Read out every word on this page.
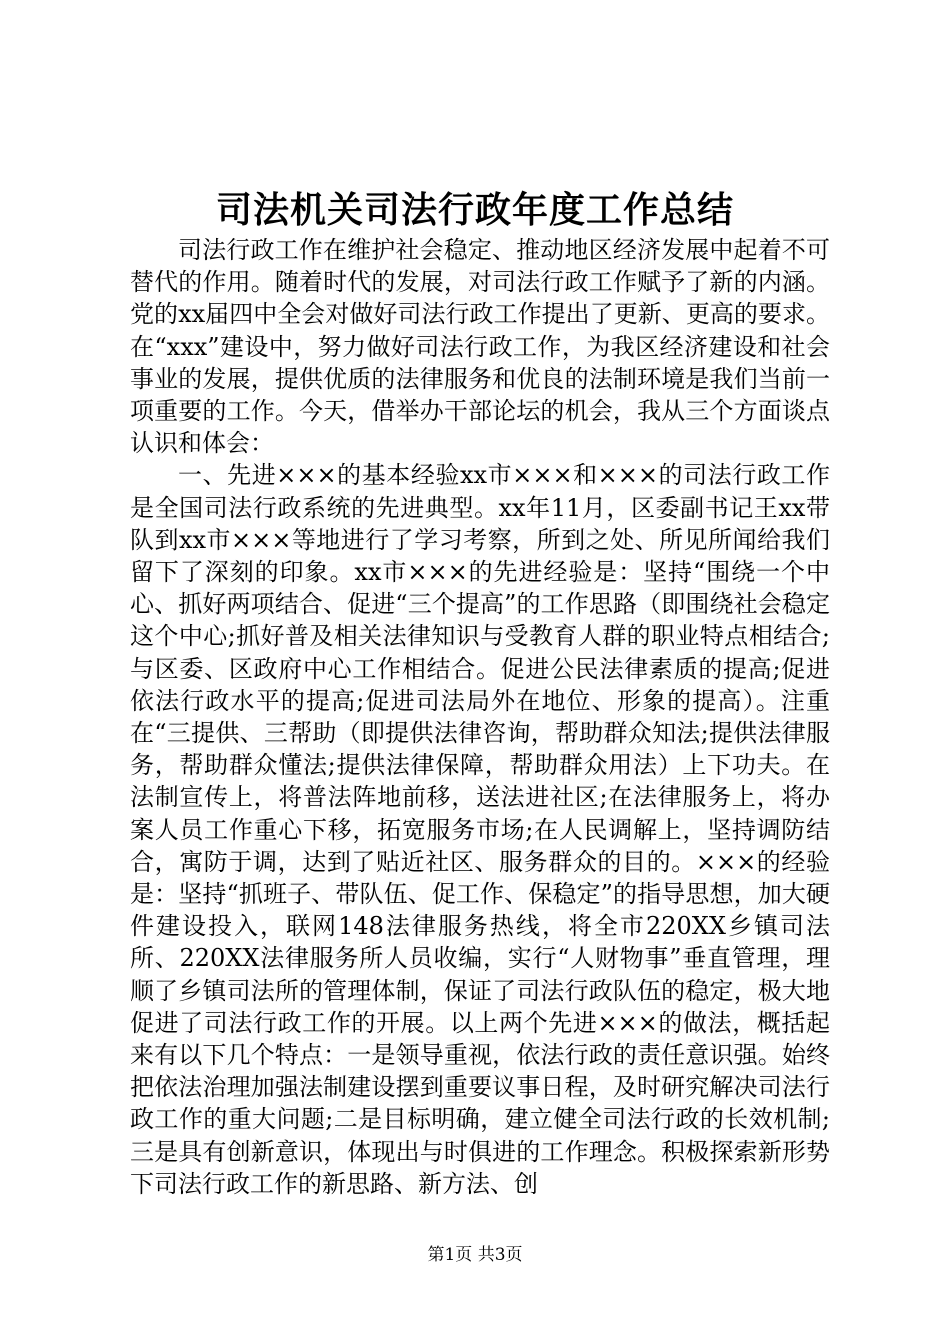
司法机关司法行政年度工作总结

司法行政工作在维护社会稳定、推动地区经济发展中起着不可替代的作用。随着时代的发展，对司法行政工作赋予了新的内涵。党的xx届四中全会对做好司法行政工作提出了更新、更高的要求。在“xxx”建设中，努力做好司法行政工作，为我区经济建设和社会事业的发展，提供优质的法律服务和优良的法制环境是我们当前一项重要的工作。今天，借举办干部论坛的机会，我从三个方面谈点认识和体会：

一、先进×××的基本经验xx市×××和×××的司法行政工作是全国司法行政系统的先进典型。xx年11月，区委副书记王xx带队到xx市×××等地进行了学习考察，所到之处、所见所闻给我们留下了深刻的印象。xx市×××的先进经验是：坚持“围绕一个中心、抓好两项结合、促进“三个提高”的工作思路（即围绕社会稳定这个中心;抓好普及相关法律知识与受教育人群的职业特点相结合;与区委、区政府中心工作相结合。促进公民法律素质的提高;促进依法行政水平的提高;促进司法局外在地位、形象的提高）。注重在“三提供、三帮助（即提供法律咨询，帮助群众知法;提供法律服务，帮助群众懂法;提供法律保障，帮助群众用法）上下功夫。在法制宣传上，将普法阵地前移，送法进社区;在法律服务上，将办案人员工作重心下移，拓宽服务市场;在人民调解上，坚持调防结合，寓防于调，达到了贴近社区、服务群众的目的。×××的经验是：坚持“抓班子、带队伍、促工作、保稳定”的指导思想，加大硬件建设投入，联网148法律服务热线，将全市220XX乡镇司法所、220XX法律服务所人员收编，实行“人财物事”垂直管理，理顺了乡镇司法所的管理体制，保证了司法行政队伍的稳定，极大地促进了司法行政工作的开展。以上两个先进×××的做法，概括起来有以下几个特点：一是领导重视，依法行政的责任意识强。始终把依法治理加强法制建设摆到重要议事日程，及时研究解决司法行政工作的重大问题;二是目标明确，建立健全司法行政的长效机制;三是具有创新意识，体现出与时俱进的工作理念。积极探索新形势下司法行政工作的新思路、新方法、创

第1页 共3页
